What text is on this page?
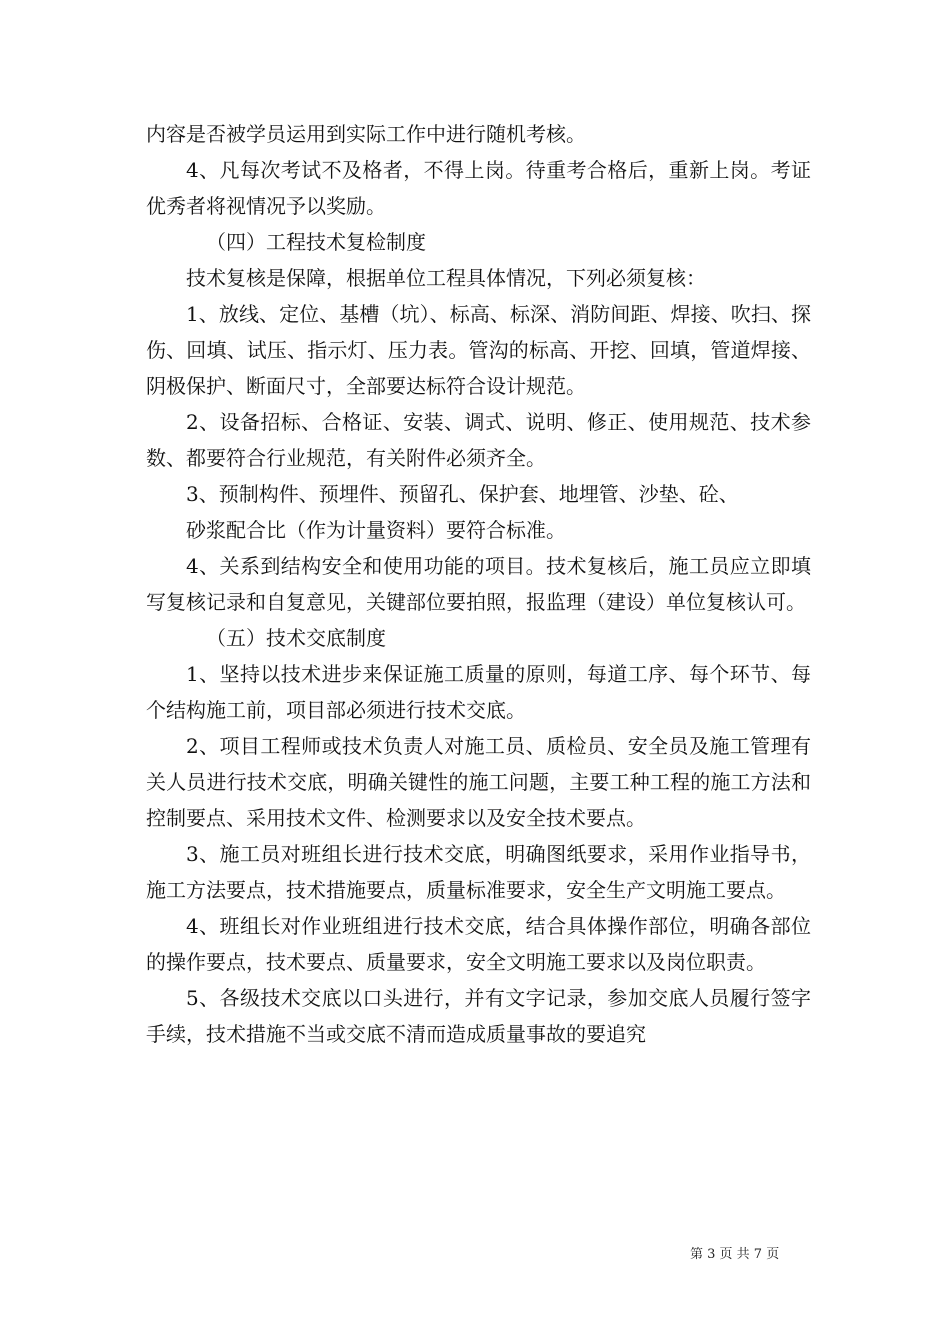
内容是否被学员运用到实际工作中进行随机考核。

4、凡每次考试不及格者，不得上岗。待重考合格后，重新上岗。考证优秀者将视情况予以奖励。

（四）工程技术复检制度

技术复核是保障，根据单位工程具体情况，下列必须复核：

1、放线、定位、基槽（坑）、标高、标深、消防间距、焊接、吹扫、探伤、回填、试压、指示灯、压力表。管沟的标高、开挖、回填，管道焊接、阴极保护、断面尺寸，全部要达标符合设计规范。

2、设备招标、合格证、安装、调式、说明、修正、使用规范、技术参数、都要符合行业规范，有关附件必须齐全。

3、预制构件、预埋件、预留孔、保护套、地埋管、沙垫、砼、

砂浆配合比（作为计量资料）要符合标准。

4、关系到结构安全和使用功能的项目。技术复核后，施工员应立即填写复核记录和自复意见，关键部位要拍照，报监理（建设）单位复核认可。

（五）技术交底制度

1、坚持以技术进步来保证施工质量的原则，每道工序、每个环节、每个结构施工前，项目部必须进行技术交底。

2、项目工程师或技术负责人对施工员、质检员、安全员及施工管理有关人员进行技术交底，明确关键性的施工问题，主要工种工程的施工方法和控制要点、采用技术文件、检测要求以及安全技术要点。

3、施工员对班组长进行技术交底，明确图纸要求，采用作业指导书，施工方法要点，技术措施要点，质量标准要求，安全生产文明施工要点。

4、班组长对作业班组进行技术交底，结合具体操作部位，明确各部位的操作要点，技术要点、质量要求，安全文明施工要求以及岗位职责。

5、各级技术交底以口头进行，并有文字记录，参加交底人员履行签字手续，技术措施不当或交底不清而造成质量事故的要追究

第 3 页 共 7 页
